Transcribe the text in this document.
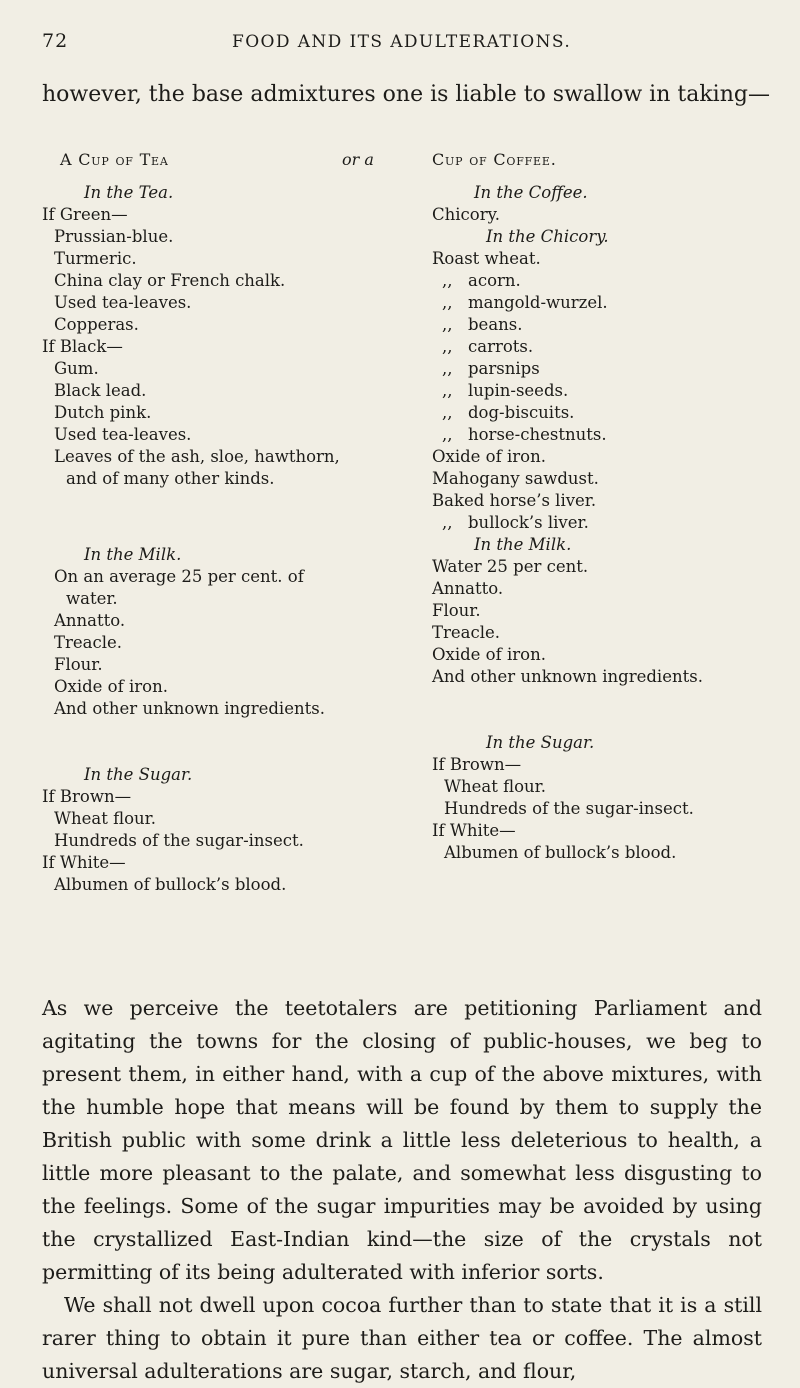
72	FOOD AND ITS ADULTERATIONS.
however, the base admixtures one is liable to swallow in taking—
A Cup of Tea	or a	Cup of Coffee.
In the Tea.
If Green—
Prussian-blue.
Turmeric.
China clay or French chalk.
Used tea-leaves.
Copperas.
If Black—
Gum.
Black lead.
Dutch pink.
Used tea-leaves.
Leaves of the ash, sloe, hawthorn,
and of many other kinds.
In the Milk.
On an average 25 per cent. of
water.
Annatto.
Treacle.
Flour.
Oxide of iron.
And other unknown ingredients.
In the Sugar.
If Brown—
Wheat flour.
Hundreds of the sugar-insect.
If White—
Albumen of bullock’s blood.
In the Coffee.
Chicory.
In the Chicory.
Roast wheat.
,, acorn.
,, mangold-wurzel.
,, beans.
,, carrots.
,, parsnips
,, lupin-seeds.
,, dog-biscuits.
,, horse-chestnuts.
Oxide of iron.
Mahogany sawdust.
Baked horse’s liver.
,, bullock’s liver.
In the Milk.
Water 25 per cent.
Annatto.
Flour.
Treacle.
Oxide of iron.
And other unknown ingredients.
In the Sugar.
If Brown—
Wheat flour.
Hundreds of the sugar-insect.
If White—
Albumen of bullock’s blood.

As we perceive the teetotalers are petitioning Parliament and agitating the towns for the closing of public-houses, we beg to present them, in either hand, with a cup of the above mixtures, with the humble hope that means will be found by them to supply the British public with some drink a little less deleterious to health, a little more pleasant to the palate, and somewhat less disgusting to the feelings. Some of the sugar impurities may be avoided by using the crystallized East-Indian kind—the size of the crystals not permitting of its being adulterated with inferior sorts.

We shall not dwell upon cocoa further than to state that it is a still rarer thing to obtain it pure than either tea or coffee. The almost universal adulterations are sugar, starch, and flour,
